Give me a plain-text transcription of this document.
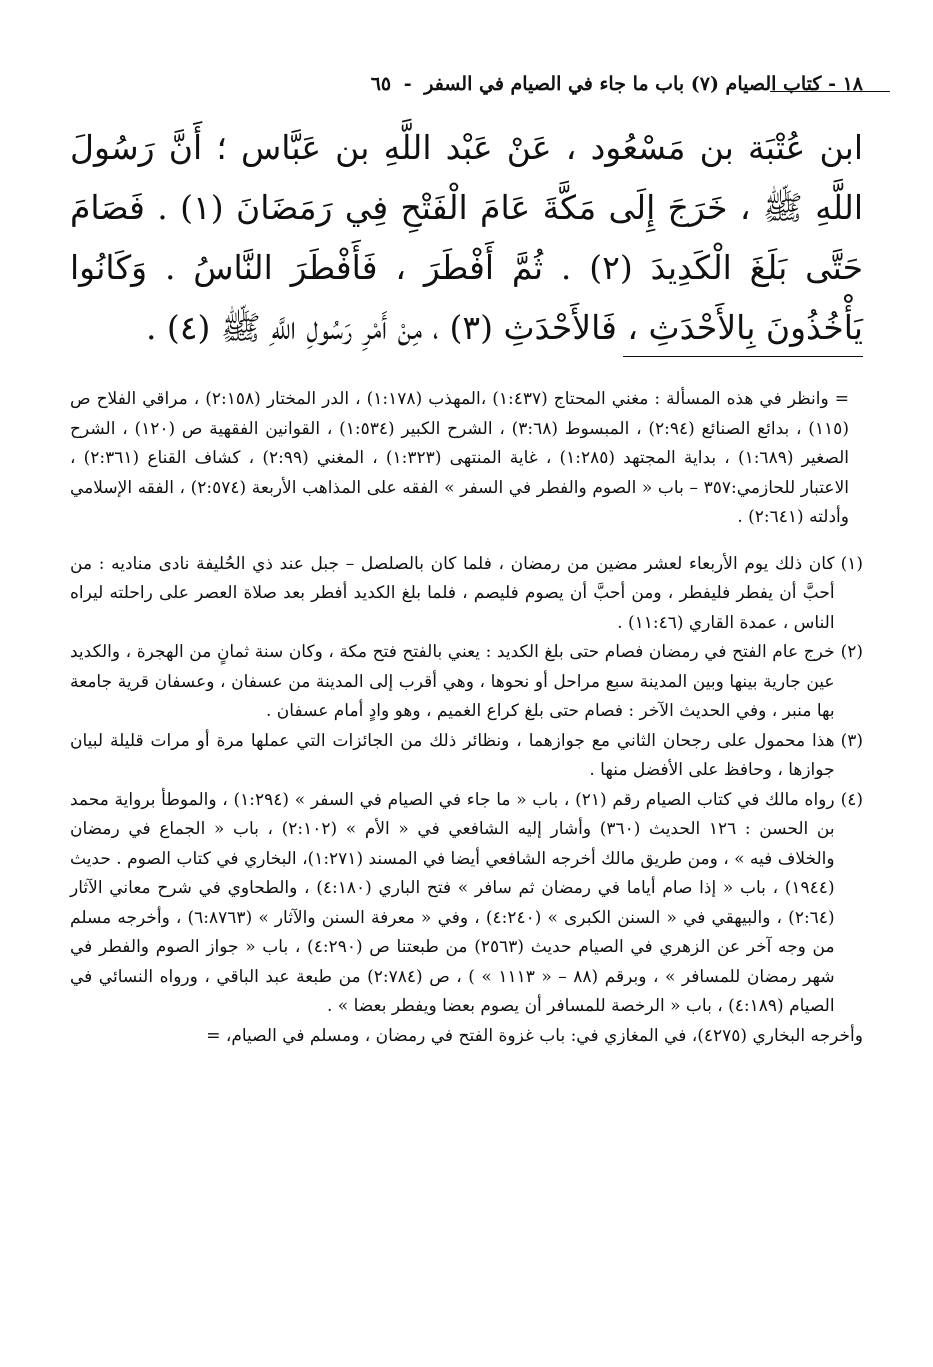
١٨ - كتاب الصيام (٧) باب ما جاء في الصيام في السفر - ٦٥

ابن عُتْبَة بن مَسْعُود ، عَنْ عَبْد اللَّهِ بن عَبَّاس ؛ أَنَّ رَسُولَ اللَّهِ ﷺ ، خَرَجَ إِلَى مَكَّةَ عَامَ الْفَتْحِ فِي رَمَضَانَ (١) . فَصَامَ حَتَّى بَلَغَ الْكَدِيدَ (٢) . ثُمَّ أَفْطَرَ ، فَأَفْطَرَ النَّاسُ . وَكَانُوا يَأْخُذُونَ بِالأَحْدَثِ ، فَالأَحْدَثِ (٣) ، مِنْ أَمْرِ رَسُولِ اللَّهِ ﷺ (٤) .

= وانظر في هذه المسألة : مغني المحتاج (١:٤٣٧) ،المهذب (١:١٧٨) ، الدر المختار (٢:١٥٨) ، مراقي الفلاح ص (١١٥) ، بدائع الصنائع (٢:٩٤) ، المبسوط (٣:٦٨) ، الشرح الكبير (١:٥٣٤) ، القوانين الفقهية ص (١٢٠) ، الشرح الصغير (١:٦٨٩) ، بداية المجتهد (١:٢٨٥) ، غاية المنتهى (١:٣٢٣) ، المغني (٢:٩٩) ، كشاف القناع (٢:٣٦١) ، الاعتبار للحازمي:٣٥٧ – باب « الصوم والفطر في السفر » الفقه على المذاهب الأربعة (٢:٥٧٤) ، الفقه الإسلامي وأدلته (٢:٦٤١) .

(١)
كان ذلك يوم الأربعاء لعشر مضين من رمضان ، فلما كان بالصلصل – جبل عند ذي الحُليفة نادى مناديه : من أحبَّ أن يفطر فليفطر ، ومن أحبَّ أن يصوم فليصم ، فلما بلغ الكديد أفطر بعد صلاة العصر على راحلته ليراه الناس ، عمدة القاري (١١:٤٦) .
(٢)
خرج عام الفتح في رمضان فصام حتى بلغ الكديد : يعني بالفتح فتح مكة ، وكان سنة ثمانٍ من الهجرة ، والكديد عين جارية بينها وبين المدينة سبع مراحل أو نحوها ، وهي أقرب إلى المدينة من عسفان ، وعسفان قرية جامعة بها منبر ، وفي الحديث الآخر : فصام حتى بلغ كراع الغميم ، وهو وادٍ أمام عسفان .
(٣)
هذا محمول على رجحان الثاني مع جوازهما ، ونظائر ذلك من الجائزات التي عملها مرة أو مرات قليلة لبيان جوازها ، وحافظ على الأفضل منها .
(٤)
رواه مالك في كتاب الصيام رقم (٢١) ، باب « ما جاء في الصيام في السفر » (١:٢٩٤) ، والموطأ برواية محمد بن الحسن : ١٢٦ الحديث (٣٦٠) وأشار إليه الشافعي في « الأم » (٢:١٠٢) ، باب « الجماع في رمضان والخلاف فيه » ، ومن طريق مالك أخرجه الشافعي أيضا في المسند (١:٢٧١)، البخاري في كتاب الصوم . حديث (١٩٤٤) ، باب « إذا صام أياما في رمضان ثم سافر » فتح الباري (٤:١٨٠) ، والطحاوي في شرح معاني الآثار (٢:٦٤) ، والبيهقي في « السنن الكبرى » (٤:٢٤٠) ، وفي « معرفة السنن والآثار » (٦:٨٧٦٣) ، وأخرجه مسلم من وجه آخر عن الزهري في الصيام حديث (٢٥٦٣) من طبعتنا ص (٤:٢٩٠) ، باب « جواز الصوم والفطر في شهر رمضان للمسافر » ، وبرقم (٨٨ – « ١١١٣ » ) ، ص (٢:٧٨٤) من طبعة عبد الباقي ، ورواه النسائي في الصيام (٤:١٨٩) ، باب « الرخصة للمسافر أن يصوم بعضا ويفطر بعضا » .

وأخرجه البخاري (٤٢٧٥)، في المغازي في: باب غزوة الفتح في رمضان ، ومسلم في الصيام، =
